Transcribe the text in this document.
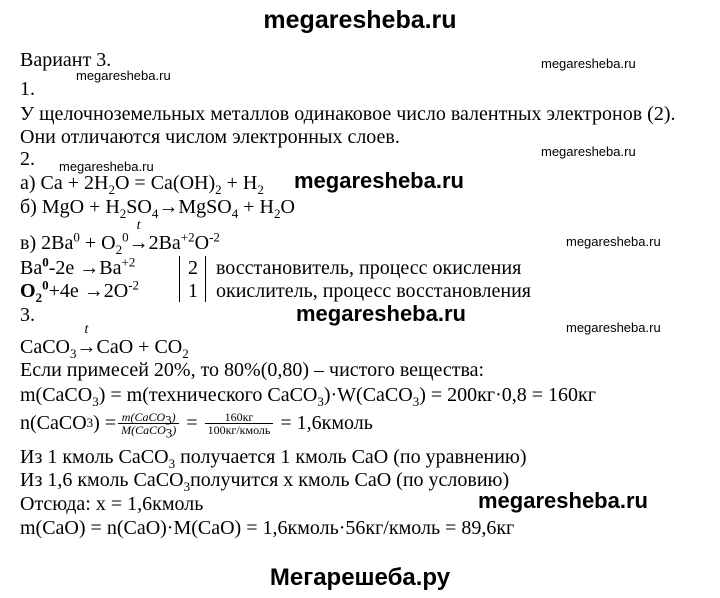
megaresheba.ru
Мегарешеба.ру
megaresheba.ru
megaresheba.ru
megaresheba.ru
megaresheba.ru
megaresheba.ru
megaresheba.ru
megaresheba.ru
megaresheba.ru
megaresheba.ru
Вариант 3.
1.
У щелочноземельных металлов одинаковое число валентных электронов (2).
Они отличаются числом электронных слоев.
2.
а) $Ca + 2H_2O = Ca(OH)_2 + H_2$
б) MgO + $H_2SO_4\to MgSO_4 + H_2O$
в) $2Ba^0 + O_2^0$
t
$\to 2Ba^{+2}O^{-2}$
$Ba^0-2e \to Ba^{+2}$	2 восстановитель, процесс окисления
$O_2^0+4e \to 2O^{-2}$ 1 окислитель, процесс восстановления
3.
CaCO$_3$
t
$\to CaO + CO_2$
Если примесей 20%, то 80%(0,80) – чистого вещества:
m(CaCO$_3$) = m(технического CaCO$_3$)·W(CaCO$_3$) = 200кг·0,8 = 160кг
n(CaCO 3 ) = $\frac{m(CaCO_3)}{M(CaCO_3)} = \frac{160кг}{\text{100кг/кмоль}}$ = 1,6кмоль
Из 1 кмоль CaCO$_3$ получается 1 кмоль CaO (по уравнению)
Из 1,6 кмоль CaCO$_3$получится x кмоль CaO (по условию)
Отсюда: x = 1,6кмоль
m(CaO) = n(CaO)·M(CaO) = 1,6кмоль·56кг/кмоль = 89,6кг
